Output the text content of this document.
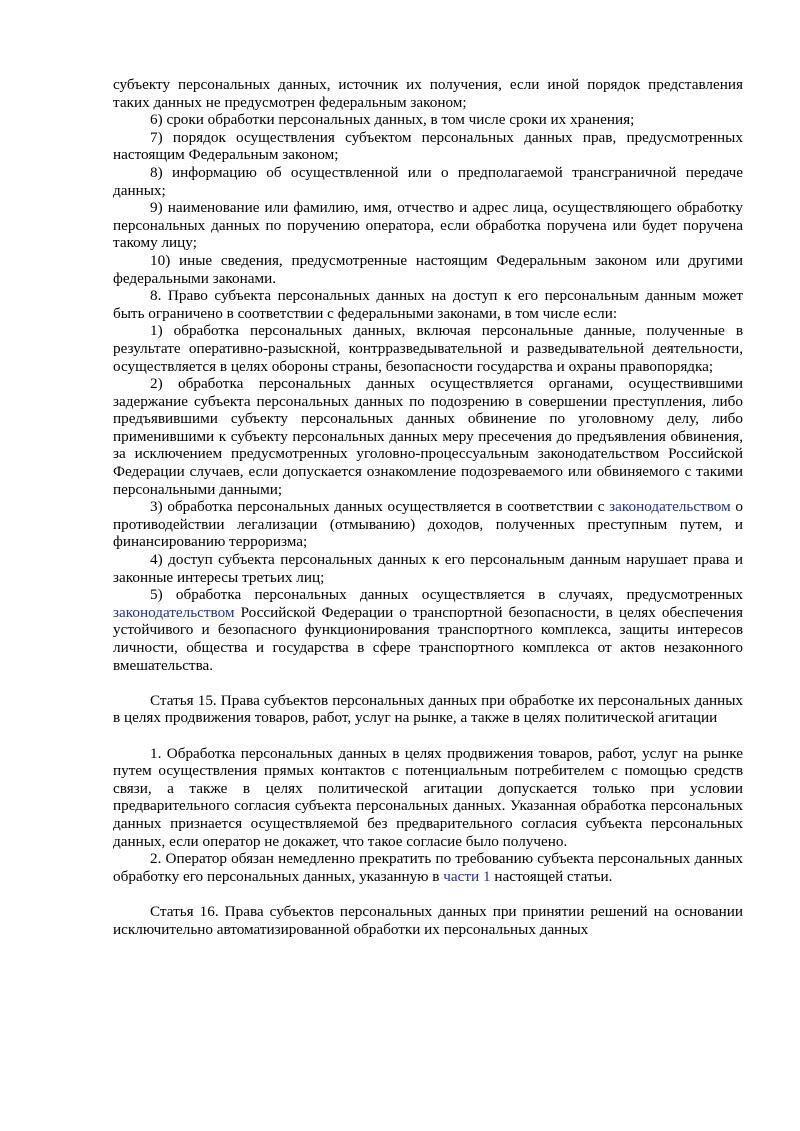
субъекту персональных данных, источник их получения, если иной порядок представления таких данных не предусмотрен федеральным законом;

6) сроки обработки персональных данных, в том числе сроки их хранения;

7) порядок осуществления субъектом персональных данных прав, предусмотренных настоящим Федеральным законом;

8) информацию об осуществленной или о предполагаемой трансграничной передаче данных;

9) наименование или фамилию, имя, отчество и адрес лица, осуществляющего обработку персональных данных по поручению оператора, если обработка поручена или будет поручена такому лицу;

10) иные сведения, предусмотренные настоящим Федеральным законом или другими федеральными законами.

8. Право субъекта персональных данных на доступ к его персональным данным может быть ограничено в соответствии с федеральными законами, в том числе если:

1) обработка персональных данных, включая персональные данные, полученные в результате оперативно-разыскной, контрразведывательной и разведывательной деятельности, осуществляется в целях обороны страны, безопасности государства и охраны правопорядка;

2) обработка персональных данных осуществляется органами, осуществившими задержание субъекта персональных данных по подозрению в совершении преступления, либо предъявившими субъекту персональных данных обвинение по уголовному делу, либо применившими к субъекту персональных данных меру пресечения до предъявления обвинения, за исключением предусмотренных уголовно-процессуальным законодательством Российской Федерации случаев, если допускается ознакомление подозреваемого или обвиняемого с такими персональными данными;

3) обработка персональных данных осуществляется в соответствии с законодательством о противодействии легализации (отмыванию) доходов, полученных преступным путем, и финансированию терроризма;

4) доступ субъекта персональных данных к его персональным данным нарушает права и законные интересы третьих лиц;

5) обработка персональных данных осуществляется в случаях, предусмотренных законодательством Российской Федерации о транспортной безопасности, в целях обеспечения устойчивого и безопасного функционирования транспортного комплекса, защиты интересов личности, общества и государства в сфере транспортного комплекса от актов незаконного вмешательства.

Статья 15. Права субъектов персональных данных при обработке их персональных данных в целях продвижения товаров, работ, услуг на рынке, а также в целях политической агитации

1. Обработка персональных данных в целях продвижения товаров, работ, услуг на рынке путем осуществления прямых контактов с потенциальным потребителем с помощью средств связи, а также в целях политической агитации допускается только при условии предварительного согласия субъекта персональных данных. Указанная обработка персональных данных признается осуществляемой без предварительного согласия субъекта персональных данных, если оператор не докажет, что такое согласие было получено.

2. Оператор обязан немедленно прекратить по требованию субъекта персональных данных обработку его персональных данных, указанную в части 1 настоящей статьи.

Статья 16. Права субъектов персональных данных при принятии решений на основании исключительно автоматизированной обработки их персональных данных
